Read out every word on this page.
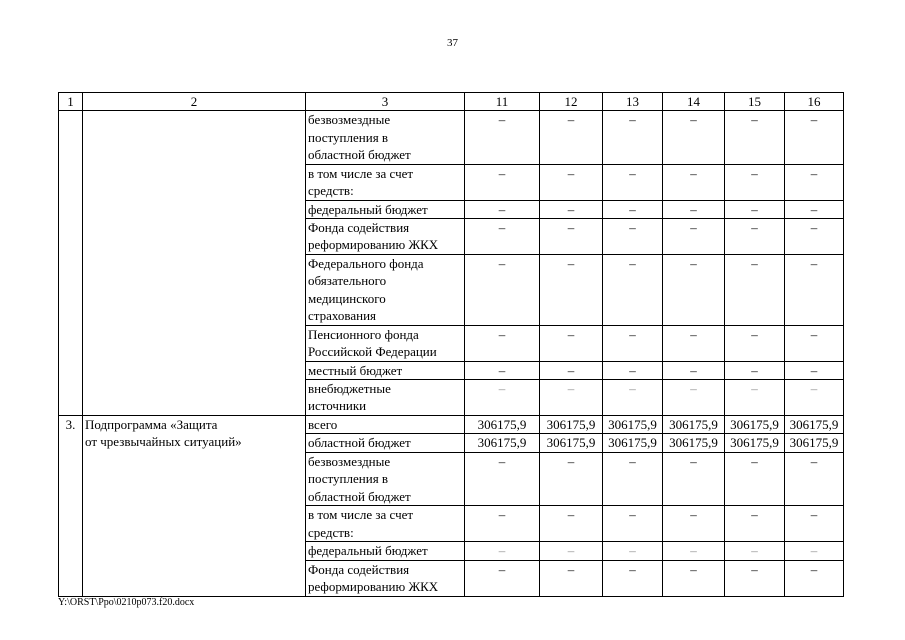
37
1	2	3	11	12	13	14	15	16

		безвозмездные
поступления в
областной бюджет	–	–	–	–	–	–

		в том числе за счет
средств:	–	–	–	–	–	–

		федеральный бюджет	–	–	–	–	–	–

		Фонда содействия
реформированию ЖКХ	–	–	–	–	–	–

		Федерального фонда
обязательного
медицинского
страхования	–	–	–	–	–	–

		Пенсионного фонда
Российской Федерации	–	–	–	–	–	–

		местный бюджет	–	–	–	–	–	–

		внебюджетные
источники	–	–	–	–	–	–
3.	Подпрограмма «Защита
от чрезвычайных ситуаций»	всего	306175,9	306175,9	306175,9	306175,9	306175,9	306175,9

		областной бюджет	306175,9	306175,9	306175,9	306175,9	306175,9	306175,9

		безвозмездные
поступления в
областной бюджет	–	–	–	–	–	–

		в том числе за счет
средств:	–	–	–	–	–	–

		федеральный бюджет	–	–	–	–	–	–

		Фонда содействия
реформированию ЖКХ	–	–	–	–	–	–
Y:\ORST\Ppo\0210p073.f20.docx
